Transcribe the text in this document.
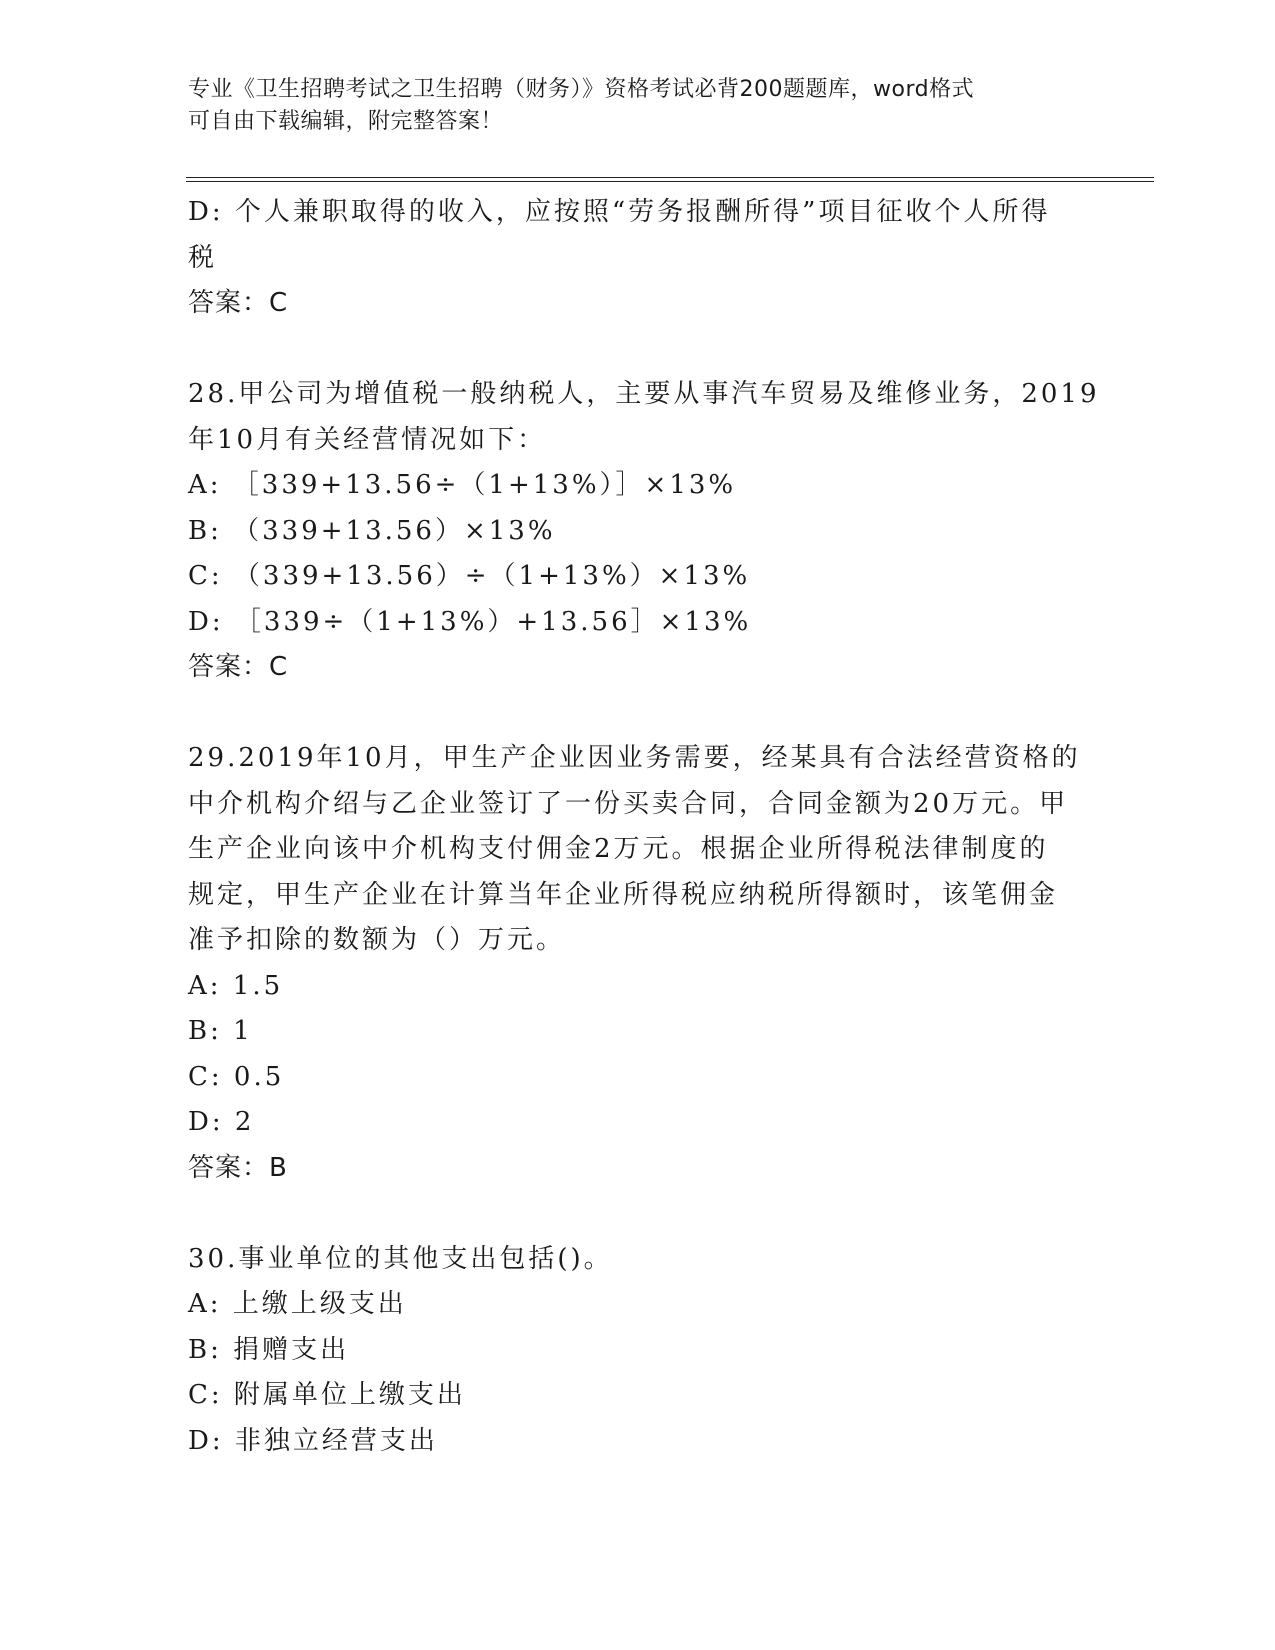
专业《卫生招聘考试之卫生招聘（财务）》资格考试必背200题题库，word格式
可自由下载编辑，附完整答案！
D: 个人兼职取得的收入，应按照“劳务报酬所得”项目征收个人所得
税
答案：C
28.甲公司为增值税一般纳税人，主要从事汽车贸易及维修业务，2019
年10月有关经营情况如下：
A: ［339+13.56÷（1+13%）］×13%
B: （339+13.56）×13%
C: （339+13.56）÷（1+13%）×13%
D: ［339÷（1+13%）+13.56］×13%
答案：C
29.2019年10月，甲生产企业因业务需要，经某具有合法经营资格的
中介机构介绍与乙企业签订了一份买卖合同，合同金额为20万元。甲
生产企业向该中介机构支付佣金2万元。根据企业所得税法律制度的
规定，甲生产企业在计算当年企业所得税应纳税所得额时，该笔佣金
准予扣除的数额为（）万元。
A: 1.5
B: 1
C: 0.5
D: 2
答案：B
30.事业单位的其他支出包括()。
A: 上缴上级支出
B: 捐赠支出
C: 附属单位上缴支出
D: 非独立经营支出
